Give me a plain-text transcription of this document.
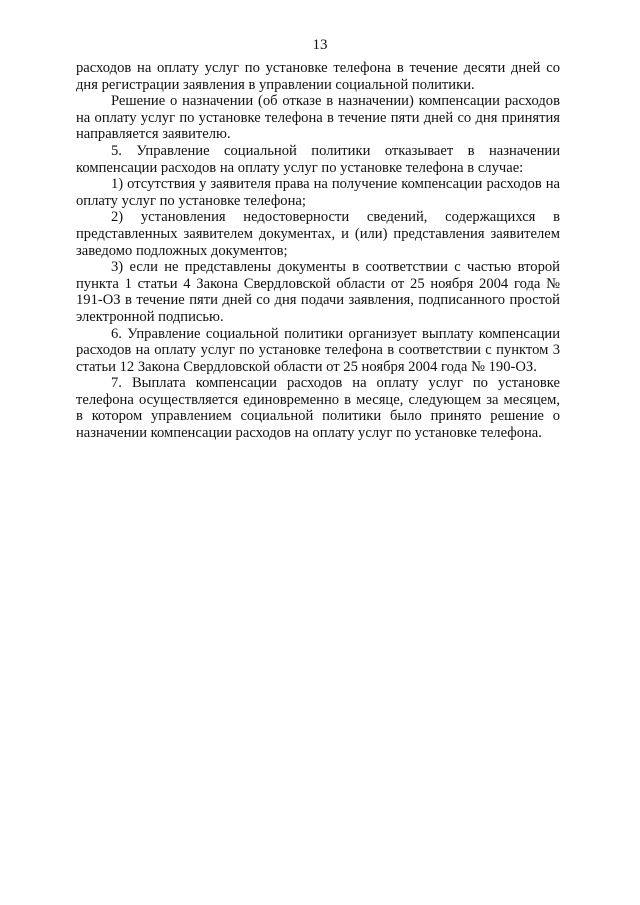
13

расходов на оплату услуг по установке телефона в течение десяти дней со дня регистрации заявления в управлении социальной политики.

Решение о назначении (об отказе в назначении) компенсации расходов на оплату услуг по установке телефона в течение пяти дней со дня принятия направляется заявителю.

5. Управление социальной политики отказывает в назначении компенсации расходов на оплату услуг по установке телефона в случае:

1) отсутствия у заявителя права на получение компенсации расходов на оплату услуг по установке телефона;

2) установления недостоверности сведений, содержащихся в представленных заявителем документах, и (или) представления заявителем заведомо подложных документов;

3) если не представлены документы в соответствии с частью второй пункта 1 статьи 4 Закона Свердловской области от 25 ноября 2004 года № 191-ОЗ в течение пяти дней со дня подачи заявления, подписанного простой электронной подписью.

6. Управление социальной политики организует выплату компенсации расходов на оплату услуг по установке телефона в соответствии с пунктом 3 статьи 12 Закона Свердловской области от 25 ноября 2004 года № 190-ОЗ.

7. Выплата компенсации расходов на оплату услуг по установке телефона осуществляется единовременно в месяце, следующем за месяцем, в котором управлением социальной политики было принято решение о назначении компенсации расходов на оплату услуг по установке телефона.
